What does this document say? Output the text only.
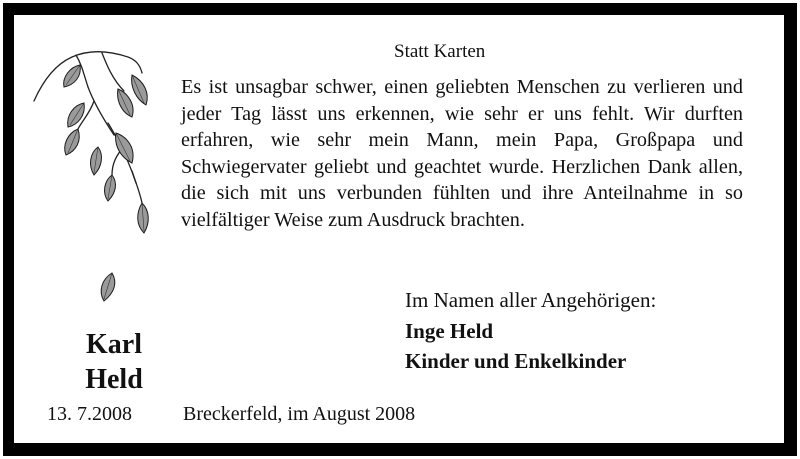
Statt Karten

Es ist unsagbar schwer, einen geliebten Menschen zu verlieren und jeder Tag lässt uns erkennen, wie sehr er uns fehlt. Wir durften erfahren, wie sehr mein Mann, mein Papa, Großpapa und Schwiegervater geliebt und geachtet wurde. Herzlichen Dank allen, die sich mit uns verbunden fühlten und ihre Anteilnahme in so vielfältiger Weise zum Ausdruck brachten.

Im Namen aller Angehörigen:
Inge Held
Kinder und Enkelkinder
Karl
Held
13. 7.2008	Breckerfeld, im August 2008
